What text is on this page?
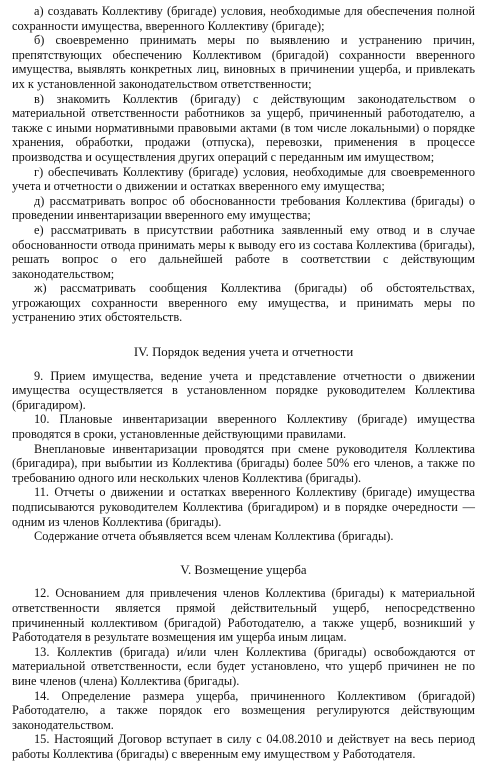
а) создавать Коллективу (бригаде) условия, необходимые для обеспечения полной сохранности имущества, вверенного Коллективу (бригаде);

б) своевременно принимать меры по выявлению и устранению причин, препятствующих обеспечению Коллективом (бригадой) сохранности вверенного имущества, выявлять конкретных лиц, виновных в причинении ущерба, и привлекать их к установленной законодательством ответственности;

в) знакомить Коллектив (бригаду) с действующим законодательством о материальной ответственности работников за ущерб, причиненный работодателю, а также с иными нормативными правовыми актами (в том числе локальными) о порядке хранения, обработки, продажи (отпуска), перевозки, применения в процессе производства и осуществления других операций с переданным им имуществом;

г) обеспечивать Коллективу (бригаде) условия, необходимые для своевременного учета и отчетности о движении и остатках вверенного ему имущества;

д) рассматривать вопрос об обоснованности требования Коллектива (бригады) о проведении инвентаризации вверенного ему имущества;

е) рассматривать в присутствии работника заявленный ему отвод и в случае обоснованности отвода принимать меры к выводу его из состава Коллектива (бригады), решать вопрос о его дальнейшей работе в соответствии с действующим законодательством;

ж) рассматривать сообщения Коллектива (бригады) об обстоятельствах, угрожающих сохранности вверенного ему имущества, и принимать меры по устранению этих обстоятельств.

IV. Порядок ведения учета и отчетности

9. Прием имущества, ведение учета и представление отчетности о движении имущества осуществляется в установленном порядке руководителем Коллектива (бригадиром).

10. Плановые инвентаризации вверенного Коллективу (бригаде) имущества проводятся в сроки, установленные действующими правилами.

Внеплановые инвентаризации проводятся при смене руководителя Коллектива (бригадира), при выбытии из Коллектива (бригады) более 50% его членов, а также по требованию одного или нескольких членов Коллектива (бригады).

11. Отчеты о движении и остатках вверенного Коллективу (бригаде) имущества подписываются руководителем Коллектива (бригадиром) и в порядке очередности — одним из членов Коллектива (бригады).

Содержание отчета объявляется всем членам Коллектива (бригады).

V. Возмещение ущерба

12. Основанием для привлечения членов Коллектива (бригады) к материальной ответственности является прямой действительный ущерб, непосредственно причиненный коллективом (бригадой) Работодателю, а также ущерб, возникший у Работодателя в результате возмещения им ущерба иным лицам.

13. Коллектив (бригада) и/или член Коллектива (бригады) освобождаются от материальной ответственности, если будет установлено, что ущерб причинен не по вине членов (члена) Коллектива (бригады).

14. Определение размера ущерба, причиненного Коллективом (бригадой) Работодателю, а также порядок его возмещения регулируются действующим законодательством.

15. Настоящий Договор вступает в силу с 04.08.2010 и действует на весь период работы Коллектива (бригады) с вверенным ему имуществом у Работодателя.
